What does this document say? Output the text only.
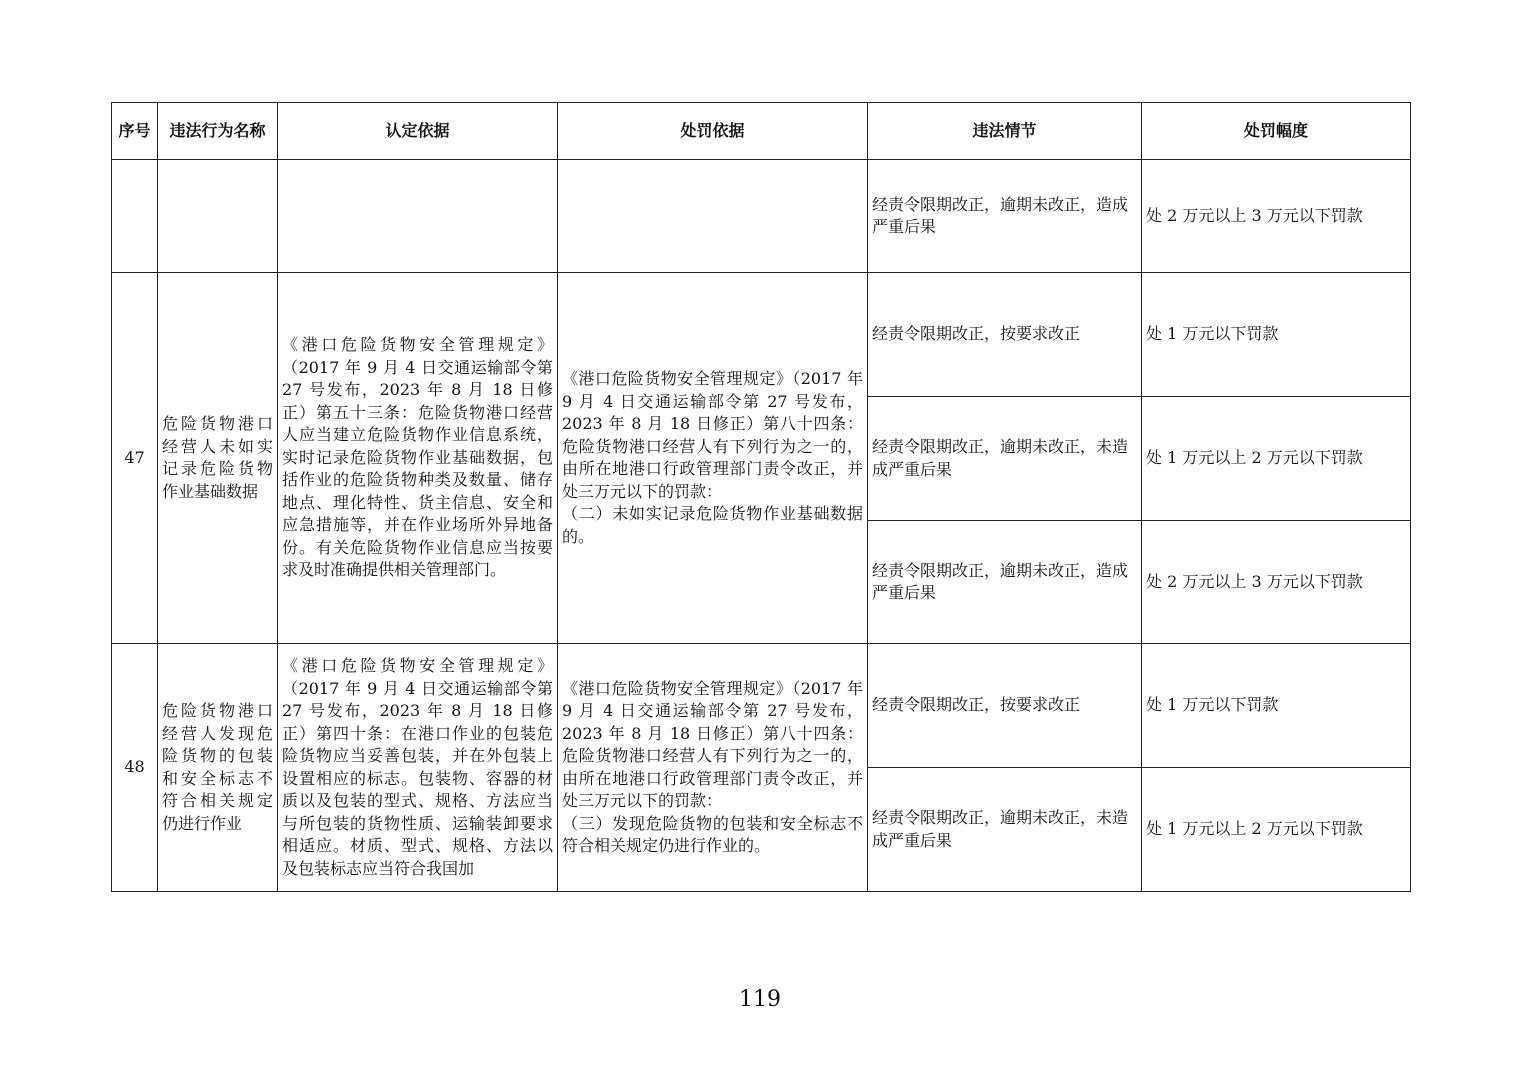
序号	违法行为名称	认定依据	处罚依据	违法情节	处罚幅度
				经责令限期改正，逾期未改正，造成严重后果	处 2 万元以上 3 万元以下罚款
47	危险货物港口经营人未如实记录危险货物作业基础数据	《港口危险货物安全管理规定》（2017 年 9 月 4 日交通运输部令第 27 号发布，2023 年 8 月 18 日修正）第五十三条：危险货物港口经营人应当建立危险货物作业信息系统，实时记录危险货物作业基础数据，包括作业的危险货物种类及数量、储存地点、理化特性、货主信息、安全和应急措施等，并在作业场所外异地备份。有关危险货物作业信息应当按要求及时准确提供相关管理部门。	《港口危险货物安全管理规定》（2017 年 9 月 4 日交通运输部令第 27 号发布，2023 年 8 月 18 日修正）第八十四条：危险货物港口经营人有下列行为之一的，由所在地港口行政管理部门责令改正，并处三万元以下的罚款：
（二）未如实记录危险货物作业基础数据的。	经责令限期改正，按要求改正	处 1 万元以下罚款
				经责令限期改正，逾期未改正，未造成严重后果	处 1 万元以上 2 万元以下罚款
				经责令限期改正，逾期未改正，造成严重后果	处 2 万元以上 3 万元以下罚款
48	危险货物港口经营人发现危险货物的包装和安全标志不符合相关规定仍进行作业	《港口危险货物安全管理规定》（2017 年 9 月 4 日交通运输部令第 27 号发布，2023 年 8 月 18 日修正）第四十条：在港口作业的包装危险货物应当妥善包装，并在外包装上设置相应的标志。包装物、容器的材质以及包装的型式、规格、方法应当与所包装的货物性质、运输装卸要求相适应。材质、型式、规格、方法以及包装标志应当符合我国加	《港口危险货物安全管理规定》（2017 年 9 月 4 日交通运输部令第 27 号发布，2023 年 8 月 18 日修正）第八十四条：危险货物港口经营人有下列行为之一的，由所在地港口行政管理部门责令改正，并处三万元以下的罚款：
（三）发现危险货物的包装和安全标志不符合相关规定仍进行作业的。	经责令限期改正，按要求改正	处 1 万元以下罚款
				经责令限期改正，逾期未改正，未造成严重后果	处 1 万元以上 2 万元以下罚款
119
